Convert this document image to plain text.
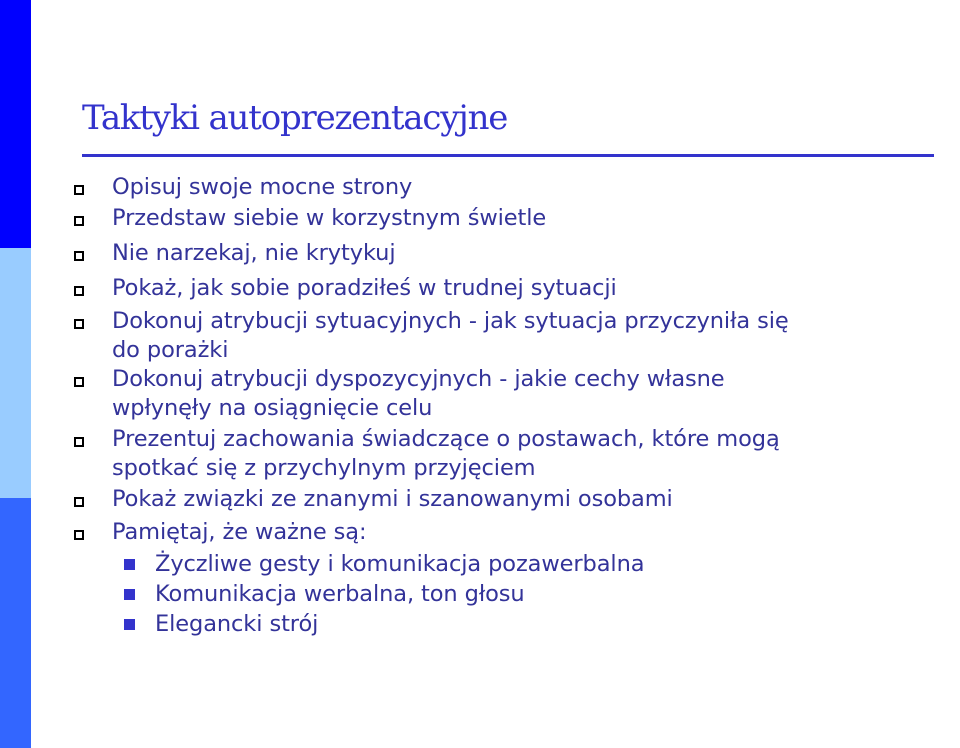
Taktyki autoprezentacyjne

Opisuj swoje mocne strony

Przedstaw siebie w korzystnym świetle

Nie narzekaj, nie krytykuj

Pokaż, jak sobie poradziłeś w trudnej sytuacji

Dokonuj atrybucji sytuacyjnych - jak sytuacja przyczyniła się
do porażki

Dokonuj atrybucji dyspozycyjnych - jakie cechy własne
wpłynęły na osiągnięcie celu

Prezentuj zachowania świadczące o postawach, które mogą
spotkać się z przychylnym przyjęciem

Pokaż związki ze znanymi i szanowanymi osobami

Pamiętaj, że ważne są:

Życzliwe gesty i komunikacja pozawerbalna

Komunikacja werbalna, ton głosu

Elegancki strój
